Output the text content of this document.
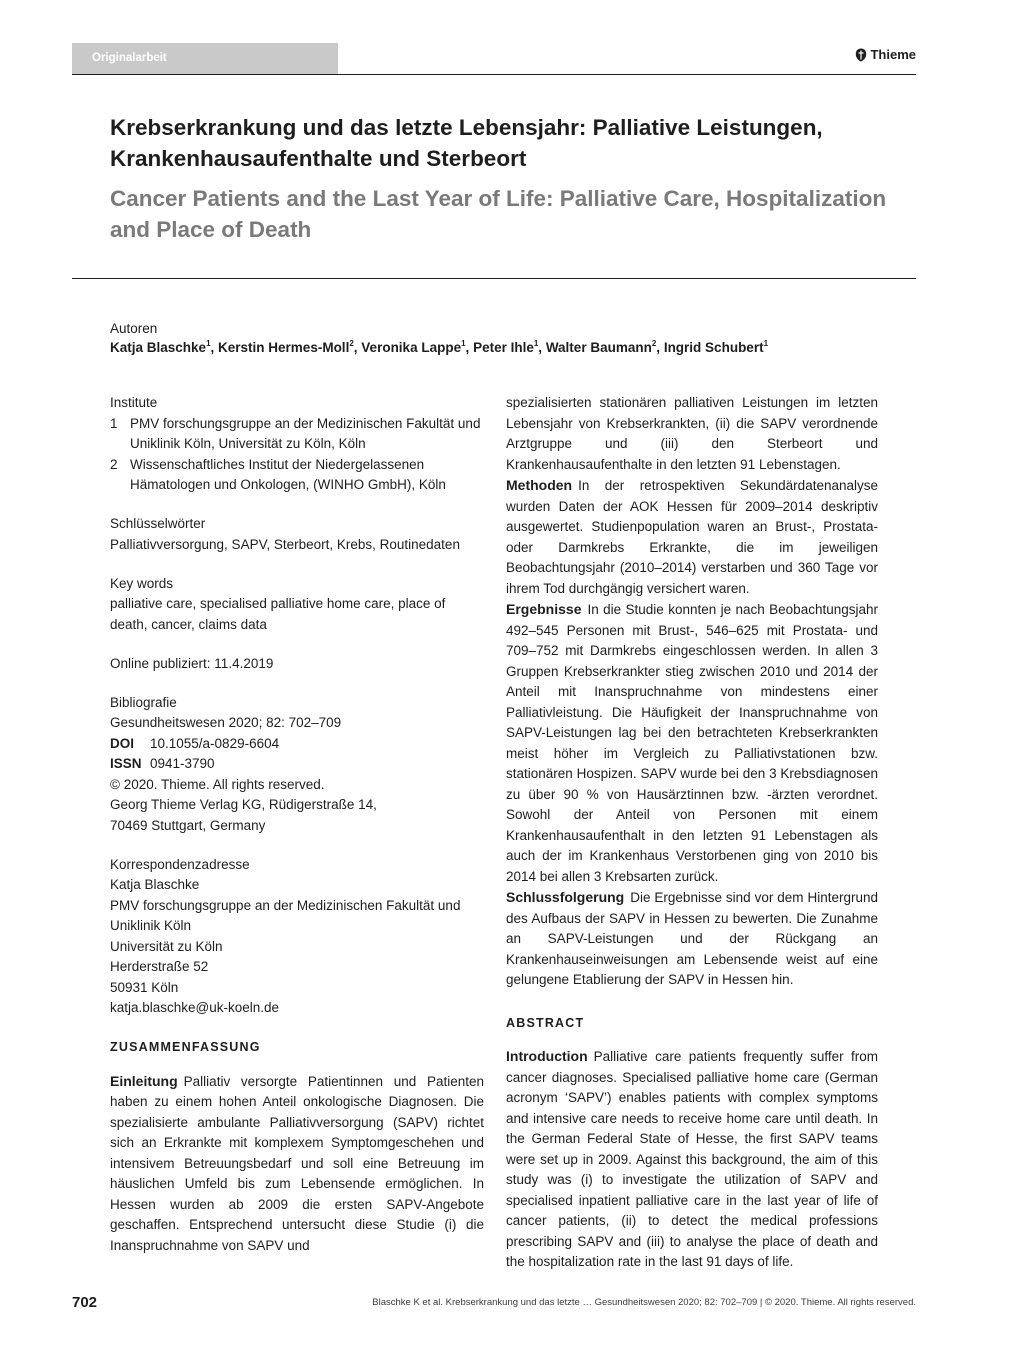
Originalarbeit	Thieme
Krebserkrankung und das letzte Lebensjahr: Palliative Leistungen, Krankenhausaufenthalte und Sterbeort
Cancer Patients and the Last Year of Life: Palliative Care, Hospitalization and Place of Death
Autoren
Katja Blaschke$^1$, Kerstin Hermes-Moll$^2$, Veronika Lappe$^1$, Peter Ihle$^1$, Walter Baumann$^2$, Ingrid Schubert$^1$

Institute

1 PMV forschungsgruppe an der Medizinischen Fakultät und Uniklinik Köln, Universität zu Köln, Köln
2 Wissenschaftliches Institut der Niedergelassenen Hämatologen und Onkologen, (WINHO GmbH), Köln

Schlüsselwörter

Palliativversorgung, SAPV, Sterbeort, Krebs, Routinedaten

Key words

palliative care, specialised palliative home care, place of death, cancer, claims data

Online publiziert: 11.4.2019

Bibliografie

Gesundheitswesen 2020; 82: 702–709

DOI 10.1055/a-0829-6604

ISSN 0941-3790

© 2020. Thieme. All rights reserved.

Georg Thieme Verlag KG, Rüdigerstraße 14,

70469 Stuttgart, Germany

Korrespondenzadresse

Katja Blaschke

PMV forschungsgruppe an der Medizinischen Fakultät und Uniklinik Köln

Universität zu Köln

Herderstraße 52

50931 Köln

katja.blaschke@uk-koeln.de

ZUSAMMENFASSUNG

Einleitung Palliativ versorgte Patientinnen und Patienten haben zu einem hohen Anteil onkologische Diagnosen. Die spezialisierte ambulante Palliativversorgung (SAPV) richtet sich an Erkrankte mit komplexem Symptomgeschehen und intensivem Betreuungsbedarf und soll eine Betreuung im häuslichen Umfeld bis zum Lebensende ermöglichen. In Hessen wurden ab 2009 die ersten SAPV-Angebote geschaffen. Entsprechend untersucht diese Studie (i) die Inanspruchnahme von SAPV und

spezialisierten stationären palliativen Leistungen im letzten Lebensjahr von Krebserkrankten, (ii) die SAPV verordnende Arztgruppe und (iii) den Sterbeort und Krankenhausaufenthalte in den letzten 91 Lebenstagen.

Methoden In der retrospektiven Sekundärdatenanalyse wurden Daten der AOK Hessen für 2009–2014 deskriptiv ausgewertet. Studienpopulation waren an Brust-, Prostata- oder Darmkrebs Erkrankte, die im jeweiligen Beobachtungsjahr (2010–2014) verstarben und 360 Tage vor ihrem Tod durchgängig versichert waren.

Ergebnisse In die Studie konnten je nach Beobachtungsjahr 492–545 Personen mit Brust-, 546–625 mit Prostata- und 709–752 mit Darmkrebs eingeschlossen werden. In allen 3 Gruppen Krebserkrankter stieg zwischen 2010 und 2014 der Anteil mit Inanspruchnahme von mindestens einer Palliativleistung. Die Häufigkeit der Inanspruchnahme von SAPV-Leistungen lag bei den betrachteten Krebserkrankten meist höher im Vergleich zu Palliativstationen bzw. stationären Hospizen. SAPV wurde bei den 3 Krebsdiagnosen zu über 90 % von Hausärztinnen bzw. -ärzten verordnet. Sowohl der Anteil von Personen mit einem Krankenhausaufenthalt in den letzten 91 Lebenstagen als auch der im Krankenhaus Verstorbenen ging von 2010 bis 2014 bei allen 3 Krebsarten zurück.

Schlussfolgerung Die Ergebnisse sind vor dem Hintergrund des Aufbaus der SAPV in Hessen zu bewerten. Die Zunahme an SAPV-Leistungen und der Rückgang an Krankenhauseinweisungen am Lebensende weist auf eine gelungene Etablierung der SAPV in Hessen hin.

ABSTRACT

Introduction Palliative care patients frequently suffer from cancer diagnoses. Specialised palliative home care (German acronym ‘SAPV’) enables patients with complex symptoms and intensive care needs to receive home care until death. In the German Federal State of Hesse, the first SAPV teams were set up in 2009. Against this background, the aim of this study was (i) to investigate the utilization of SAPV and specialised inpatient palliative care in the last year of life of cancer patients, (ii) to detect the medical professions prescribing SAPV and (iii) to analyse the place of death and the hospitalization rate in the last 91 days of life.

702	Blaschke K et al. Krebserkrankung und das letzte … Gesundheitswesen 2020; 82: 702–709 | © 2020. Thieme. All rights reserved.
